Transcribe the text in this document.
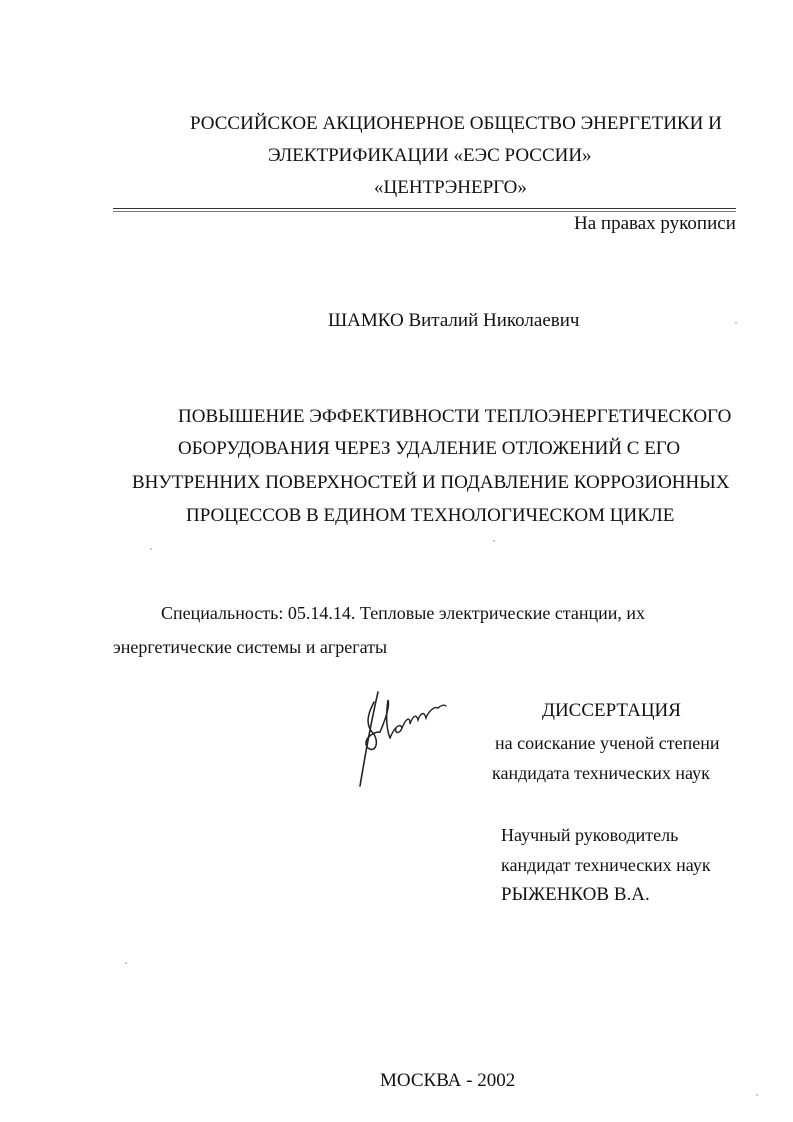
РОССИЙСКОЕ АКЦИОНЕРНОЕ ОБЩЕСТВО ЭНЕРГЕТИКИ И
ЭЛЕКТРИФИКАЦИИ «ЕЭС РОССИИ»
«ЦЕНТРЭНЕРГО»
На правах рукописи
ШАМКО Виталий Николаевич
ПОВЫШЕНИЕ ЭФФЕКТИВНОСТИ ТЕПЛОЭНЕРГЕТИЧЕСКОГО
ОБОРУДОВАНИЯ ЧЕРЕЗ УДАЛЕНИЕ ОТЛОЖЕНИЙ С ЕГО
ВНУТРЕННИХ ПОВЕРХНОСТЕЙ И ПОДАВЛЕНИЕ КОРРОЗИОННЫХ
ПРОЦЕССОВ В ЕДИНОМ ТЕХНОЛОГИЧЕСКОМ ЦИКЛЕ
Специальность: 05.14.14. Тепловые электрические станции, их
энергетические системы и агрегаты
ДИССЕРТАЦИЯ
на соискание ученой степени
кандидата технических наук
Научный руководитель
кандидат технических наук
РЫЖЕНКОВ В.А.
МОСКВА - 2002
